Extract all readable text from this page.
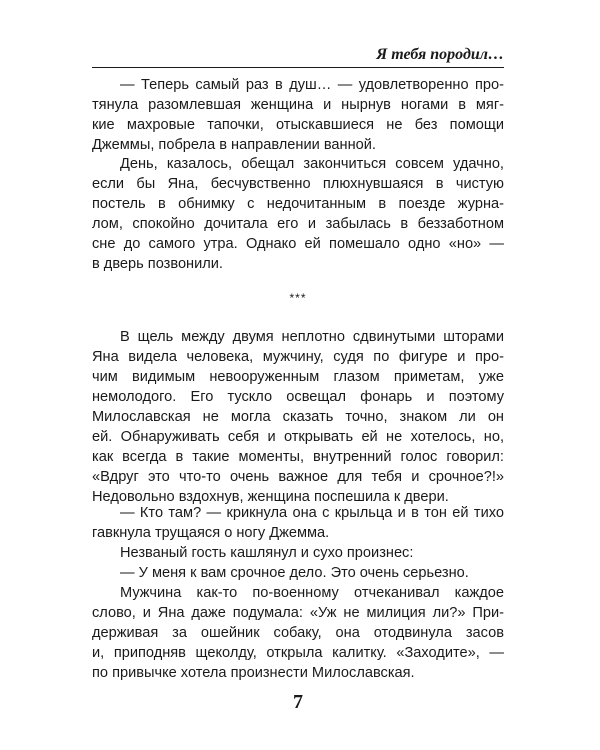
Я тебя породил…
— Теперь самый раз в душ… — удовлетворенно про-
тянула разомлевшая женщина и нырнув ногами в мяг-
кие махровые тапочки, отыскавшиеся не без помощи
Джеммы, побрела в направлении ванной.
День, казалось, обещал закончиться совсем удачно,
если бы Яна, бесчувственно плюхнувшаяся в чистую
постель в обнимку с недочитанным в поезде журна-
лом, спокойно дочитала его и забылась в беззаботном
сне до самого утра. Однако ей помешало одно «но» —
в дверь позвонили.
***
В щель между двумя неплотно сдвинутыми шторами
Яна видела человека, мужчину, судя по фигуре и про-
чим видимым невооруженным глазом приметам, уже
немолодого. Его тускло освещал фонарь и поэтому
Милославская не могла сказать точно, знаком ли он
ей. Обнаруживать себя и открывать ей не хотелось, но,
как всегда в такие моменты, внутренний голос говорил:
«Вдруг это что-то очень важное для тебя и срочное?!»
Недовольно вздохнув, женщина поспешила к двери.
— Кто там? — крикнула она с крыльца и в тон ей тихо
гавкнула трущаяся о ногу Джемма.
Незваный гость кашлянул и сухо произнес:
— У меня к вам срочное дело. Это очень серьезно.
Мужчина как-то по-военному отчеканивал каждое
слово, и Яна даже подумала: «Уж не милиция ли?» При-
держивая за ошейник собаку, она отодвинула засов
и, приподняв щеколду, открыла калитку. «Заходите», —
по привычке хотела произнести Милославская.
7
